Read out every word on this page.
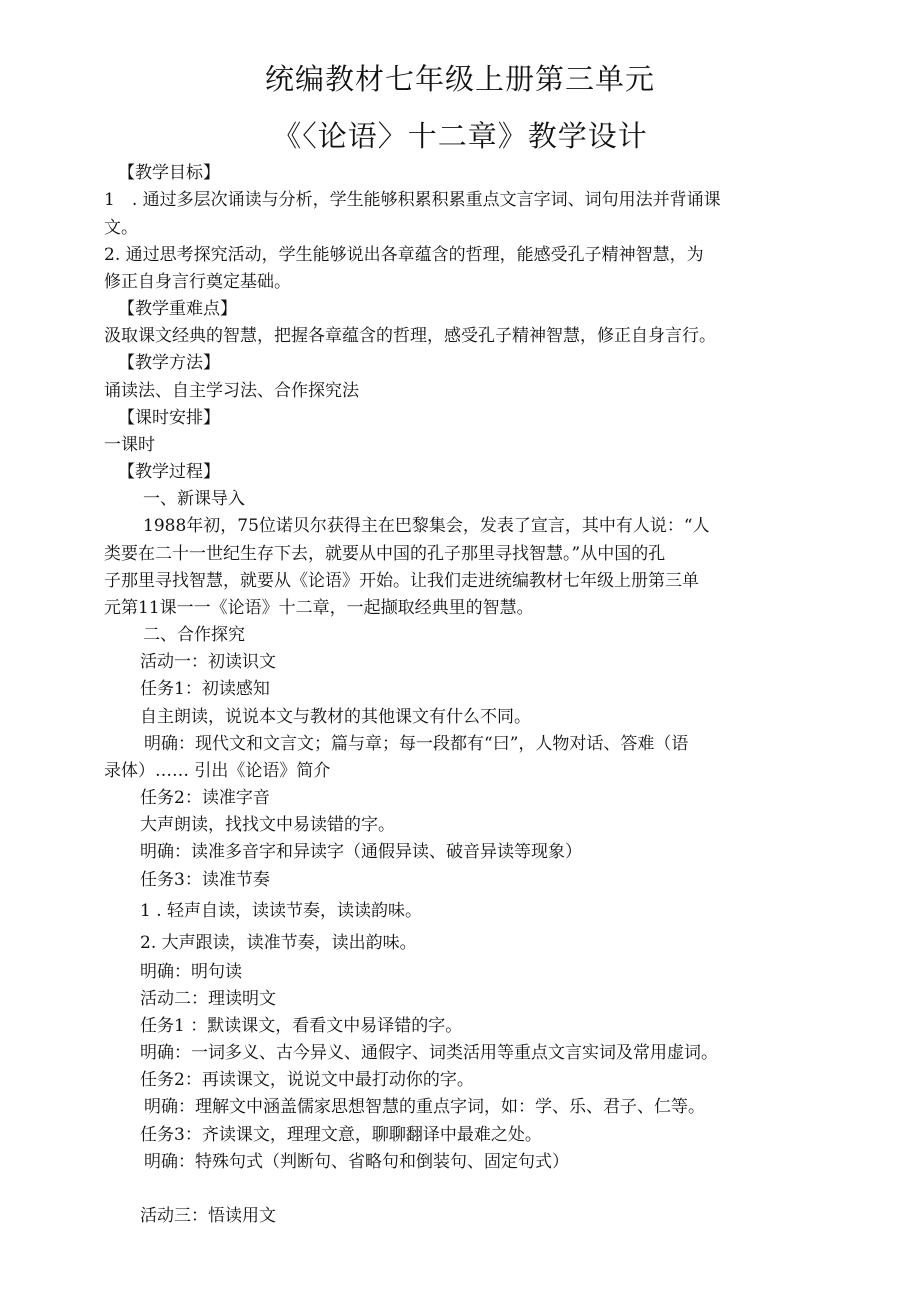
统编教材七年级上册第三单元
《〈论语〉十二章》教学设计
【教学目标】
1　. 通过多层次诵读与分析，学生能够积累积累重点文言字词、词句用法并背诵课
文。
2. 通过思考探究活动，学生能够说出各章蕴含的哲理，能感受孔子精神智慧，为
修正自身言行奠定基础。
【教学重难点】
汲取课文经典的智慧，把握各章蕴含的哲理，感受孔子精神智慧，修正自身言行。
【教学方法】
诵读法、自主学习法、合作探究法
【课时安排】
一课时
【教学过程】
一、新课导入
1988年初，75位诺贝尔获得主在巴黎集会，发表了宣言，其中有人说：“人
类要在二十一世纪生存下去，就要从中国的孔子那里寻找智慧。”从中国的孔
子那里寻找智慧，就要从《论语》开始。让我们走进统编教材七年级上册第三单
元第11课一一《论语》十二章，一起撷取经典里的智慧。
二、合作探究
活动一：初读识文
任务1：初读感知
自主朗读，说说本文与教材的其他课文有什么不同。
明确：现代文和文言文；篇与章；每一段都有“曰”，人物对话、答难（语
录体）…… 引出《论语》简介
任务2：读准字音
大声朗读，找找文中易读错的字。
明确：读准多音字和异读字（通假异读、破音异读等现象）
任务3：读准节奏
1 . 轻声自读，读读节奏，读读韵味。
2. 大声跟读，读准节奏，读出韵味。
明确：明句读
活动二：理读明文
任务1 ：默读课文，看看文中易译错的字。
明确：一词多义、古今异义、通假字、词类活用等重点文言实词及常用虚词。
任务2：再读课文，说说文中最打动你的字。
明确：理解文中涵盖儒家思想智慧的重点字词，如：学、乐、君子、仁等。
任务3：齐读课文，理理文意，聊聊翻译中最难之处。
明确：特殊句式（判断句、省略句和倒装句、固定句式）
活动三：悟读用文
